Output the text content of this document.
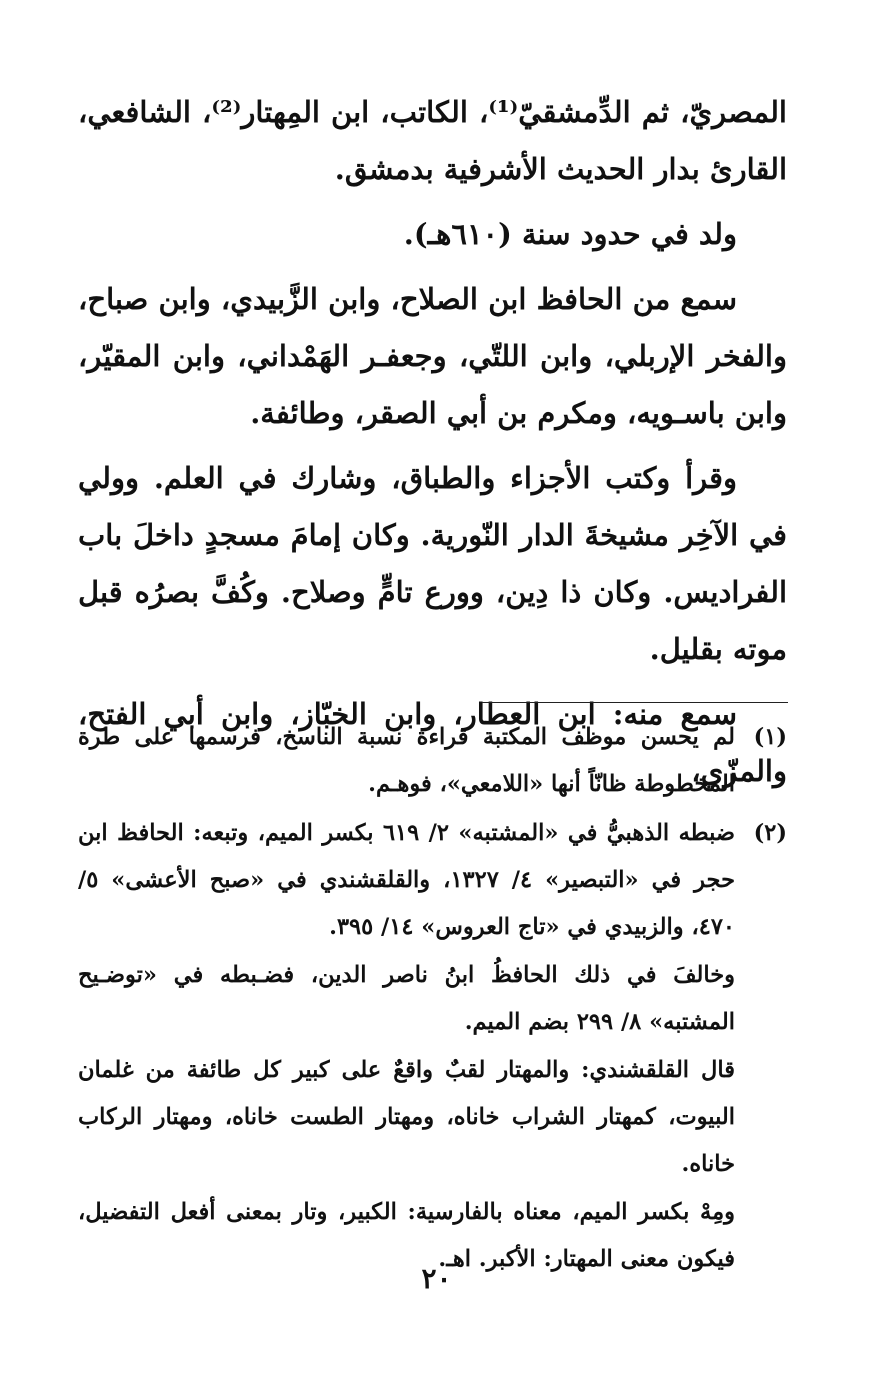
المصريّ، ثم الدِّمشقيّ⁽¹⁾، الكاتب، ابن المِهتار⁽²⁾، الشافعي، القارئ بدار الحديث الأشرفية بدمشق.

ولد في حدود سنة (٦١٠هـ).

سمع من الحافظ ابن الصلاح، وابن الزَّبيدي، وابن صباح، والفخر الإربلي، وابن اللتّي، وجعفـر الهَمْداني، وابن المقيّر، وابن باسـويه، ومكرم بن أبي الصقر، وطائفة.

وقرأ وكتب الأجزاء والطباق، وشارك في العلم. وولي في الآخِر مشيخةَ الدار النّورية. وكان إمامَ مسجدٍ داخلَ باب الفراديس. وكان ذا دِين، وورع تامٍّ وصلاح. وكُفَّ بصرُه قبل موته بقليل.

سمع منه: ابن العطار، وابن الخبّاز، وابن أبي الفتح، والمزّي،

(١)

لم يحسن موظف المكتبة قراءة نسبة الناسخ، فرسمها على طرة المخطوطة ظانّاً أنها «اللامعي»، فوهـم.

(٢)

ضبطه الذهبيُّ في «المشتبه» ٢/ ٦١٩ بكسر الميم، وتبعه: الحافظ ابن حجر في «التبصير» ٤/ ١٣٢٧، والقلقشندي في «صبح الأعشى» ٥/ ٤٧٠، والزبيدي في «تاج العروس» ١٤/ ٣٩٥.

وخالفَ في ذلك الحافظُ ابنُ ناصر الدين، فضـبطه في «توضـيح المشتبه» ٨/ ٢٩٩ بضم الميم.

قال القلقشندي: والمهتار لقبٌ واقعٌ على كبير كل طائفة من غلمان البيوت، كمهتار الشراب خاناه، ومهتار الطست خاناه، ومهتار الركاب خاناه.

ومِهْ بكسر الميم، معناه بالفارسية: الكبير، وتار بمعنى أفعل التفضيل، فيكون معنى المهتار: الأكبر. اهـ.

٢٠
